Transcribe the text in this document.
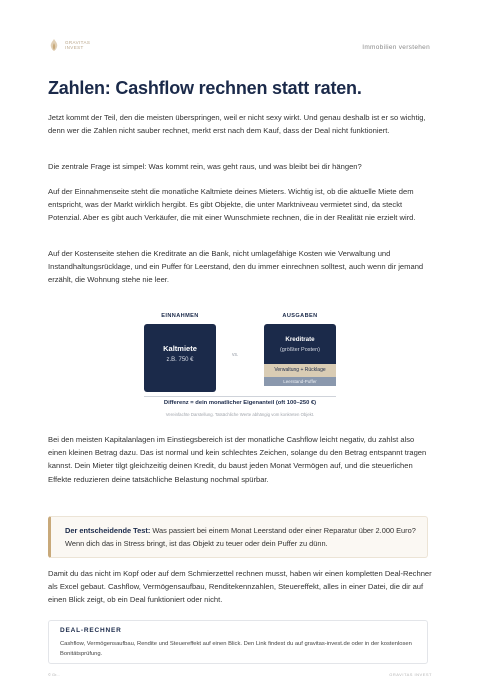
GRAVITAS
INVEST	Immobilien verstehen
Zahlen: Cashflow rechnen statt raten.

Jetzt kommt der Teil, den die meisten überspringen, weil er nicht sexy wirkt. Und genau deshalb ist er so wichtig, denn wer die Zahlen nicht sauber rechnet, merkt erst nach dem Kauf, dass der Deal nicht funktioniert.

Die zentrale Frage ist simpel: Was kommt rein, was geht raus, und was bleibt bei dir hängen?

Auf der Einnahmenseite steht die monatliche Kaltmiete deines Mieters. Wichtig ist, ob die aktuelle Miete dem entspricht, was der Markt wirklich hergibt. Es gibt Objekte, die unter Marktniveau vermietet sind, da steckt Potenzial. Aber es gibt auch Verkäufer, die mit einer Wunschmiete rechnen, die in der Realität nie erzielt wird.

Auf der Kostenseite stehen die Kreditrate an die Bank, nicht umlagefähige Kosten wie Verwaltung und Instandhaltungsrücklage, und ein Puffer für Leerstand, den du immer einrechnen solltest, auch wenn dir jemand erzählt, die Wohnung stehe nie leer.

EINNAHMEN	AUSGABEN
Kaltmiete
z.B. 750 €
vs.
Kreditrate
(größter Posten)
Verwaltung + Rücklage
Leerstand-Puffer
Differenz = dein monatlicher Eigenanteil (oft 100–250 €)
Vereinfachte Darstellung. Tatsächliche Werte abhängig vom konkreten Objekt.

Bei den meisten Kapitalanlagen im Einstiegsbereich ist der monatliche Cashflow leicht negativ, du zahlst also einen kleinen Betrag dazu. Das ist normal und kein schlechtes Zeichen, solange du den Betrag entspannt tragen kannst. Dein Mieter tilgt gleichzeitig deinen Kredit, du baust jeden Monat Vermögen auf, und die steuerlichen Effekte reduzieren deine tatsächliche Belastung nochmal spürbar.

Der entscheidende Test: Was passiert bei einem Monat Leerstand oder einer Reparatur über 2.000 Euro? Wenn dich das in Stress bringt, ist das Objekt zu teuer oder dein Puffer zu dünn.

Damit du das nicht im Kopf oder auf dem Schmierzettel rechnen musst, haben wir einen kompletten Deal-Rechner als Excel gebaut. Cashflow, Vermögensaufbau, Renditekennzahlen, Steuereffekt, alles in einer Datei, die dir auf einen Blick zeigt, ob ein Deal funktioniert oder nicht.

DEAL-RECHNER
Cashflow, Vermögensaufbau, Rendite und Steuereffekt auf einen Blick. Den Link findest du auf gravitas-invest.de oder in der kostenlosen Bonitätsprüfung.
© Gr...	GRAVITAS INVEST
